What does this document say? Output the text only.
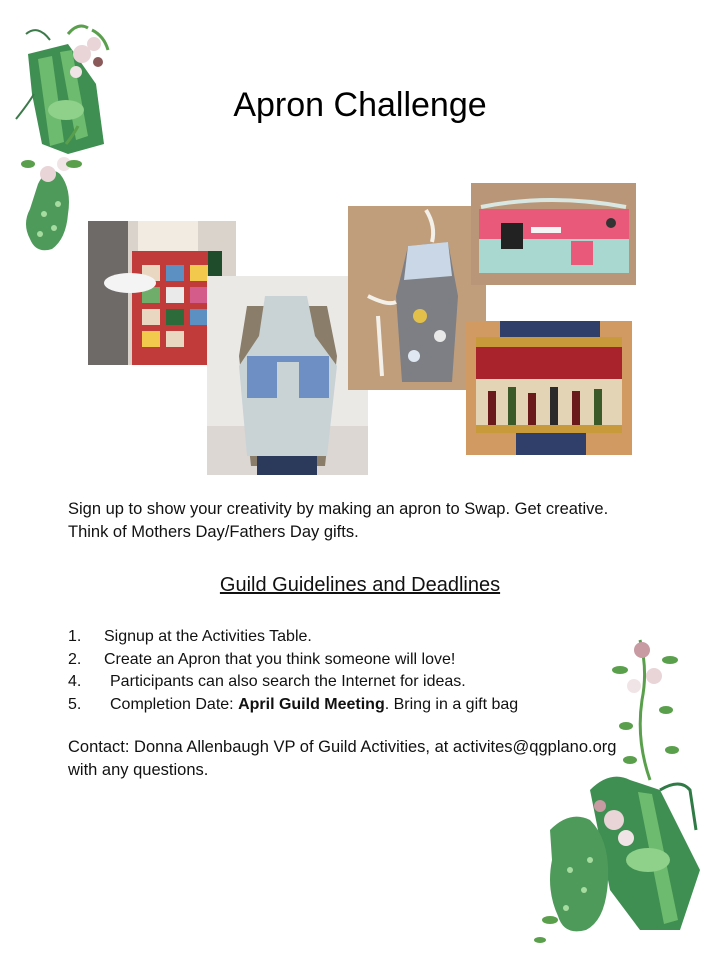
Apron Challenge
Sign up to show your creativity by making an apron to Swap. Get creative. Think of Mothers Day/Fathers Day gifts.
Guild Guidelines and Deadlines
1.	Signup at the Activities Table.
2.	Create an Apron that you think someone will love!
4.	Participants can also search the Internet for ideas.
5.	Completion Date: April Guild Meeting. Bring in a gift bag
Contact: Donna Allenbaugh VP of Guild Activities, at activites@qgplano.org with any questions.
